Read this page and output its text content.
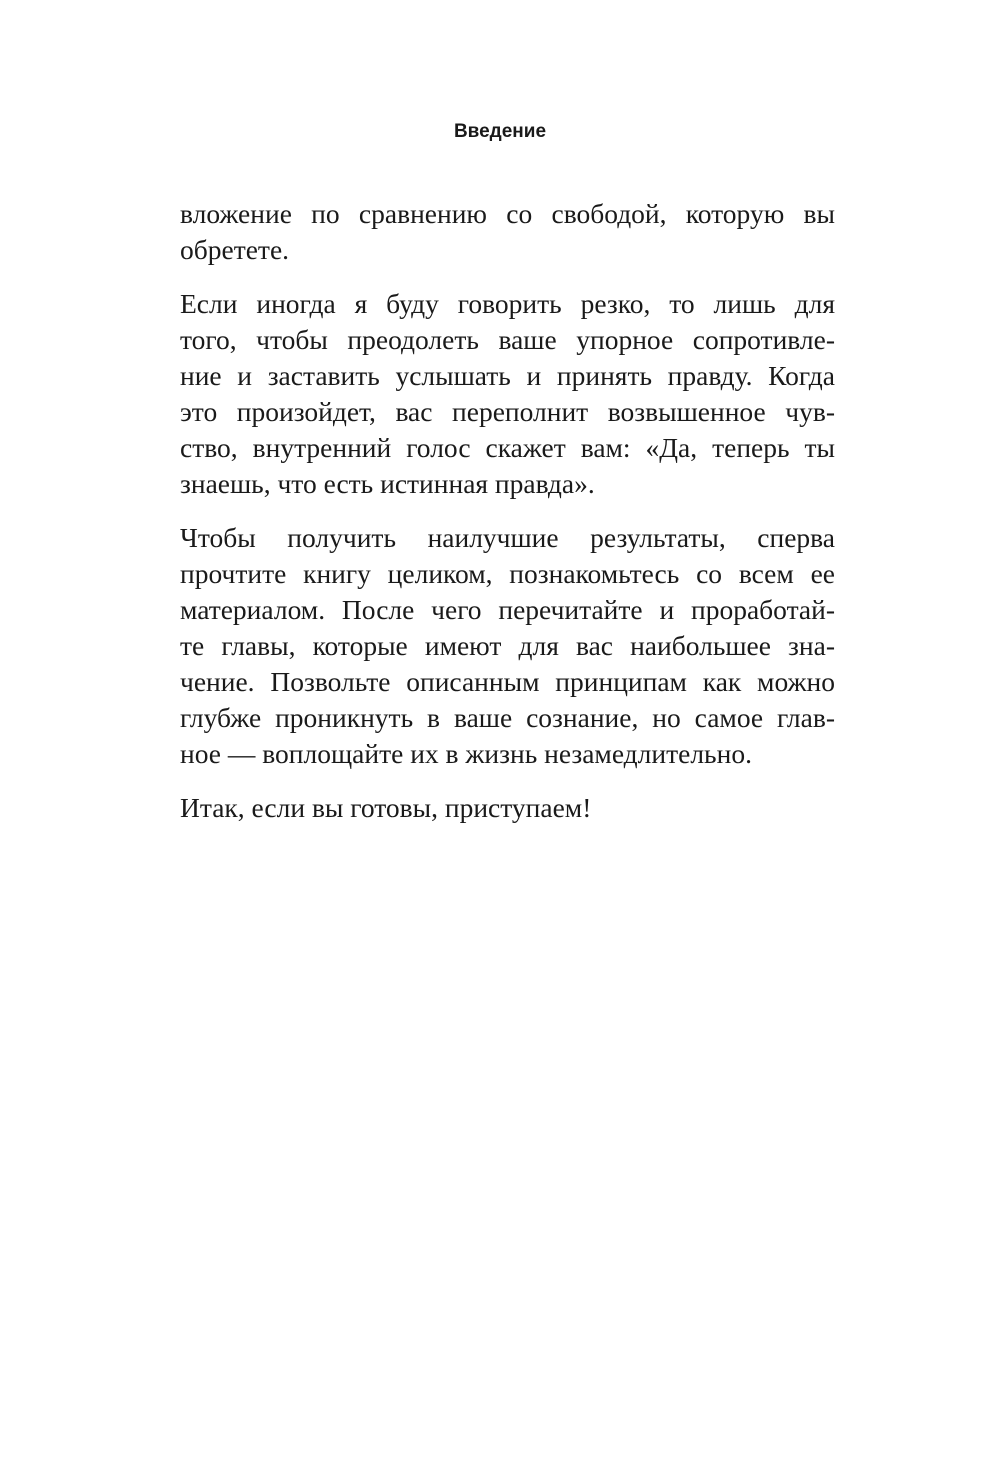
Введение

вложение по сравнению со свободой, которую вы
обретете.

Если иногда я буду говорить резко, то лишь для
того, чтобы преодолеть ваше упорное сопротивле-
ние и заставить услышать и принять правду. Когда
это произойдет, вас переполнит возвышенное чув-
ство, внутренний голос скажет вам: «Да, теперь ты
знаешь, что есть истинная правда».

Чтобы получить наилучшие результаты, сперва
прочтите книгу целиком, познакомьтесь со всем ее
материалом. После чего перечитайте и проработай-
те главы, которые имеют для вас наибольшее зна-
чение. Позвольте описанным принципам как можно
глубже проникнуть в ваше сознание, но самое глав-
ное — воплощайте их в жизнь незамедлительно.

Итак, если вы готовы, приступаем!
